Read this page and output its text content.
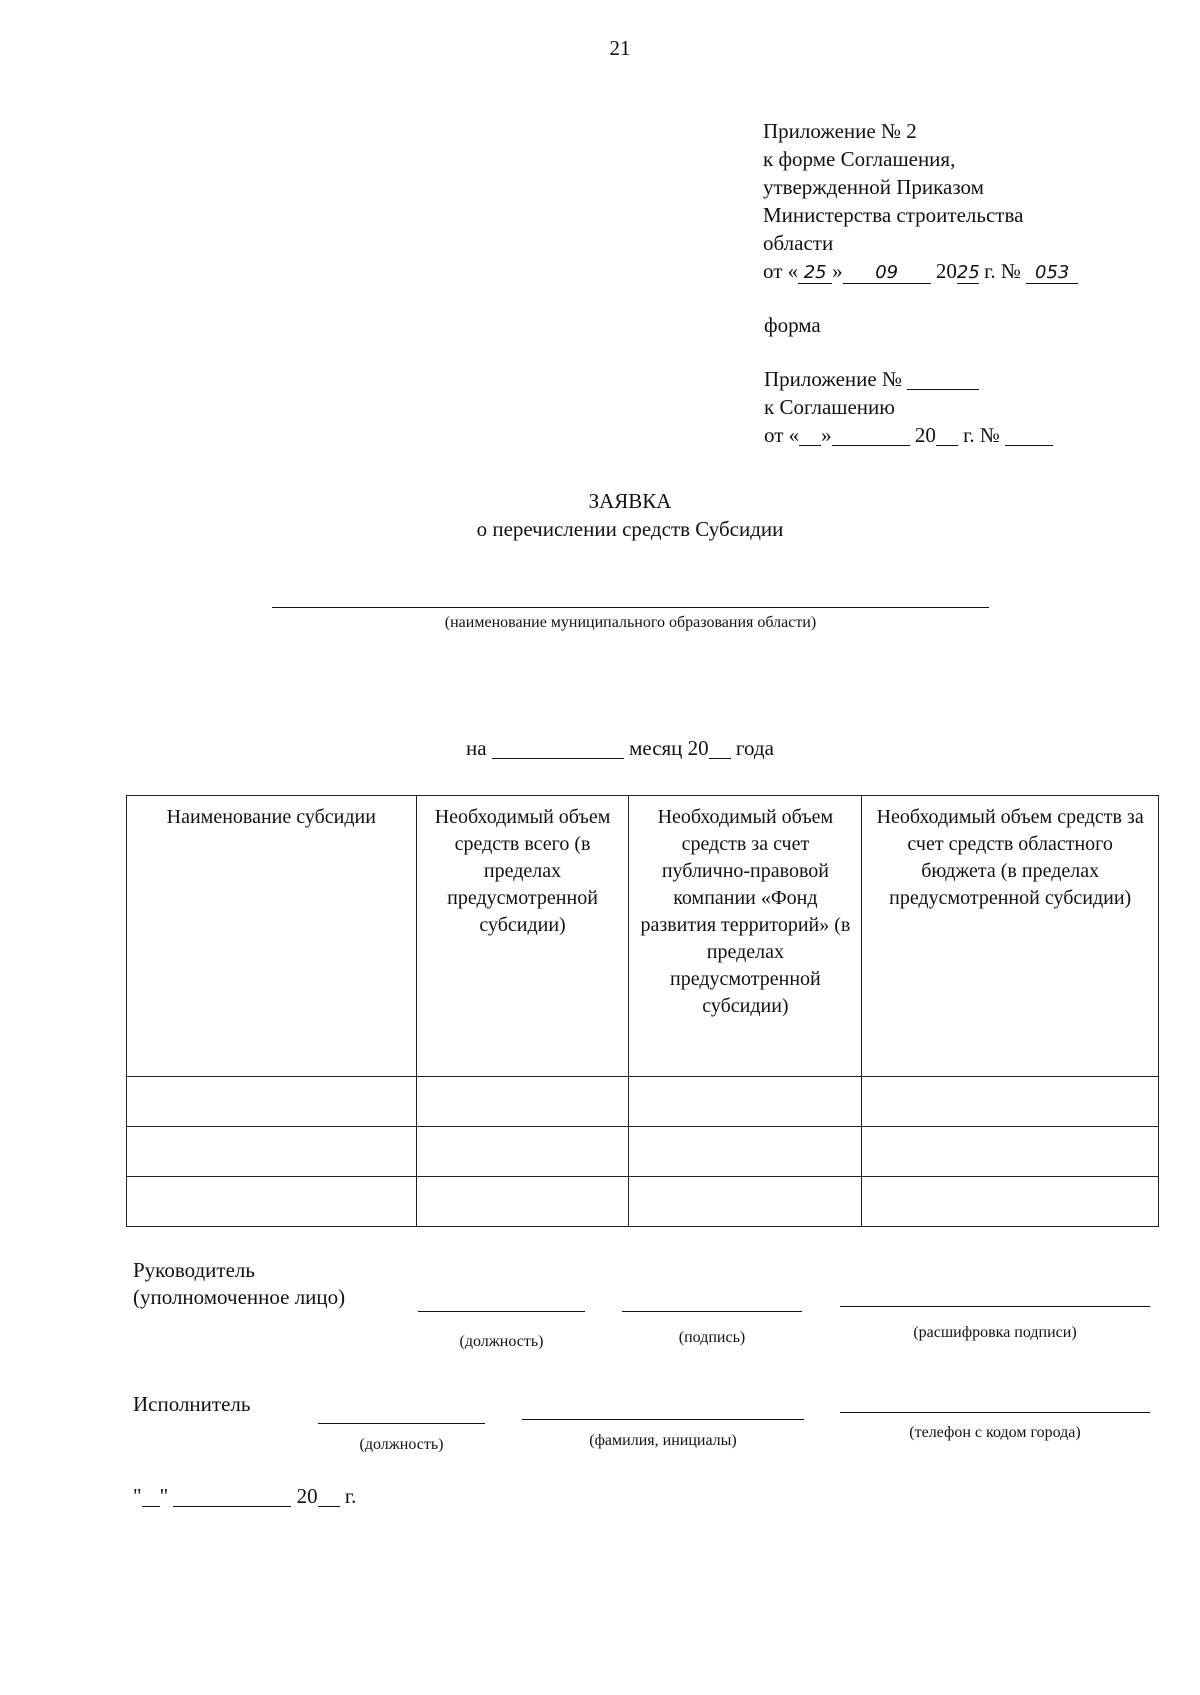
21
Приложение № 2
к форме Соглашения,
утвержденной Приказом
Министерства строительства
области
от « 25 » 09 2025 г. № 053
форма
Приложение №
к Соглашению
от « »	20 г. №
ЗАЯВКА
о перечислении средств Субсидии
(наименование муниципального образования области)
на	месяц 20 года
Наименование субсидии	Необходимый объем средств всего (в пределах предусмотренной субсидии)	Необходимый объем средств за счет публично-правовой компании «Фонд развития территорий» (в пределах предусмотренной субсидии)	Необходимый объем средств за счет средств областного бюджета (в пределах предусмотренной субсидии)

Руководитель
(уполномоченное лицо)
(должность)	(подпись)	(расшифровка подписи)
Исполнитель
(должность)	(фамилия, инициалы)	(телефон с кодом города)
" "	20 г.
